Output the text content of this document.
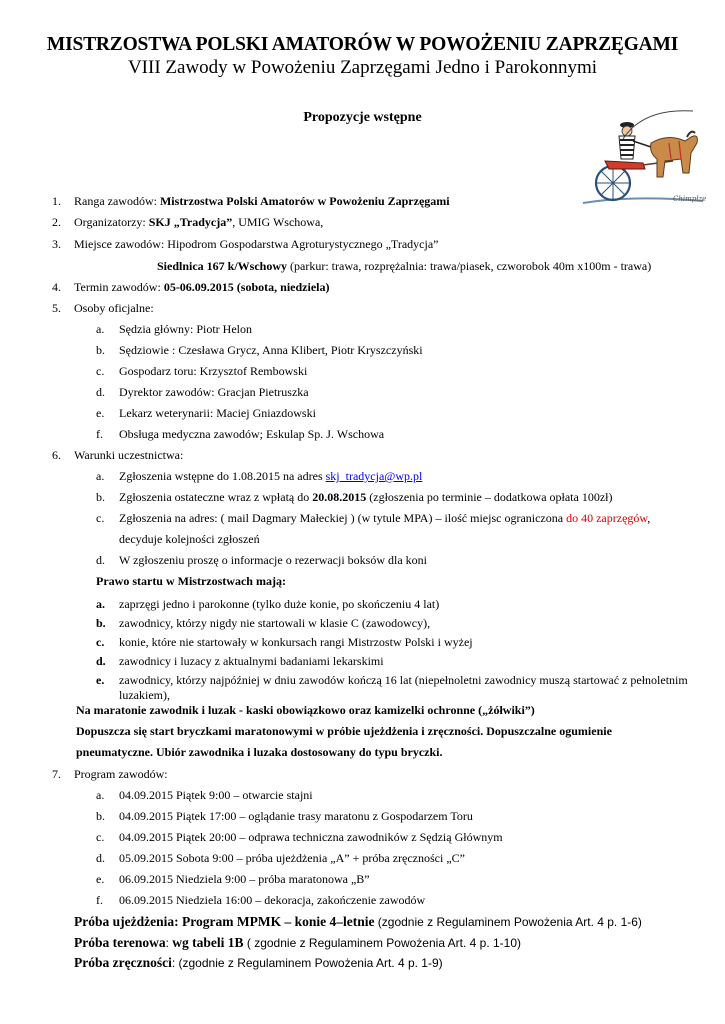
MISTRZOSTWA POLSKI AMATORÓW W POWOŻENIU ZAPRZĘGAMI
VIII Zawody w Powożeniu Zaprzęgami Jedno i Parokonnymi
Propozycje wstępne
Chimpłze
1. Ranga zawodów: Mistrzostwa Polski Amatorów w Powożeniu Zaprzęgami
2. Organizatorzy: SKJ „Tradycja”, UMIG Wschowa,
3. Miejsce zawodów: Hipodrom Gospodarstwa Agroturystycznego „Tradycja”
Siedlnica 167 k/Wschowy (parkur: trawa, rozprężalnia: trawa/piasek, czworobok 40m x100m - trawa)
4. Termin zawodów: 05-06.09.2015 (sobota, niedziela)
5. Osoby oficjalne:
a. Sędzia główny: Piotr Helon
b. Sędziowie : Czesława Grycz, Anna Klibert, Piotr Kryszczyński
c. Gospodarz toru: Krzysztof Rembowski
d. Dyrektor zawodów: Gracjan Pietruszka
e. Lekarz weterynarii: Maciej Gniazdowski
f. Obsługa medyczna zawodów; Eskulap Sp. J. Wschowa
6. Warunki uczestnictwa:
a. Zgłoszenia wstępne do 1.08.2015 na adres skj_tradycja@wp.pl
b. Zgłoszenia ostateczne wraz z wpłatą do 20.08.2015 (zgłoszenia po terminie – dodatkowa opłata 100zł)
c. Zgłoszenia na adres: ( mail Dagmary Małeckiej ) (w tytule MPA) – ilość miejsc ograniczona do 40 zaprzęgów,
decyduje kolejności zgłoszeń
d. W zgłoszeniu proszę o informacje o rezerwacji boksów dla koni
Prawo startu w Mistrzostwach mają:
a. zaprzęgi jedno i parokonne (tylko duże konie, po skończeniu 4 lat)
b. zawodnicy, którzy nigdy nie startowali w klasie C (zawodowcy),
c. konie, które nie startowały w konkursach rangi Mistrzostw Polski i wyżej
d. zawodnicy i luzacy z aktualnymi badaniami lekarskimi
e. zawodnicy, którzy najpóźniej w dniu zawodów kończą 16 lat (niepełnoletni zawodnicy muszą startować z pełnoletnim
luzakiem),
Na maratonie zawodnik i luzak - kaski obowiązkowo oraz kamizelki ochronne („żółwiki”)
Dopuszcza się start bryczkami maratonowymi w próbie ujeżdżenia i zręczności. Dopuszczalne ogumienie
pneumatyczne. Ubiór zawodnika i luzaka dostosowany do typu bryczki.
7. Program zawodów:
a. 04.09.2015 Piątek 9:00 – otwarcie stajni
b. 04.09.2015 Piątek 17:00 – oglądanie trasy maratonu z Gospodarzem Toru
c. 04.09.2015 Piątek 20:00 – odprawa techniczna zawodników z Sędzią Głównym
d. 05.09.2015 Sobota 9:00 – próba ujeżdżenia „A” + próba zręczności „C”
e. 06.09.2015 Niedziela 9:00 – próba maratonowa „B”
f. 06.09.2015 Niedziela 16:00 – dekoracja, zakończenie zawodów
Próba ujeżdżenia: Program MPMK – konie 4–letnie (zgodnie z Regulaminem Powożenia Art. 4 p. 1-6)
Próba terenowa: wg tabeli 1B ( zgodnie z Regulaminem Powożenia Art. 4 p. 1-10)
Próba zręczności: (zgodnie z Regulaminem Powożenia Art. 4 p. 1-9)
